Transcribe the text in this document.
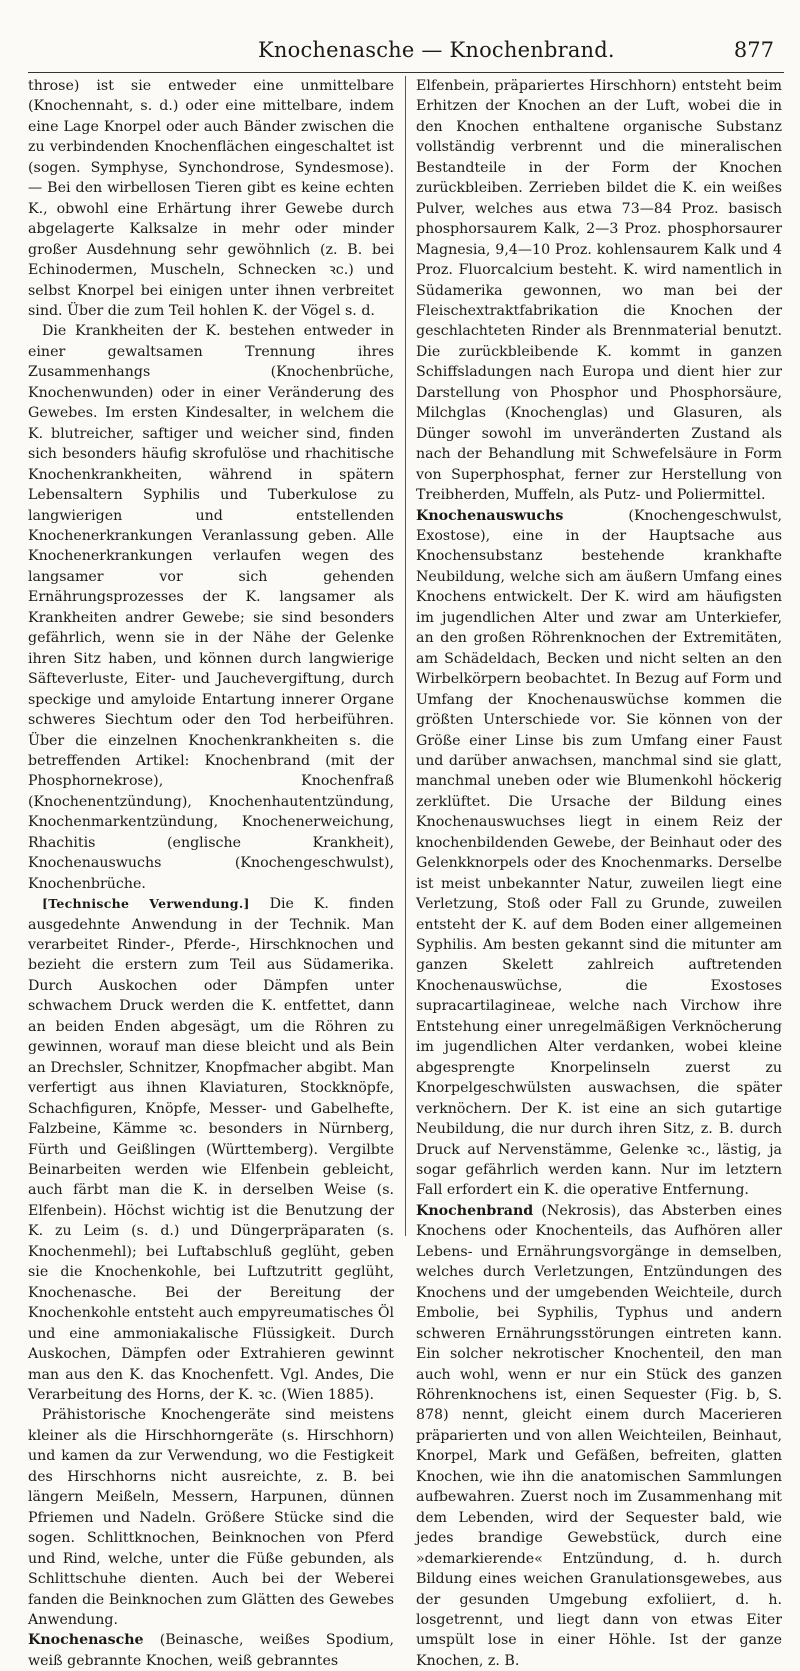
Knochenasche — Knochenbrand.	877

throse) ist sie entweder eine unmittelbare (Knochennaht, s. d.) oder eine mittelbare, indem eine Lage Knorpel oder auch Bänder zwischen die zu verbindenden Knochenflächen eingeschaltet ist (sogen. Symphyse, Synchondrose, Syndesmose). — Bei den wirbellosen Tieren gibt es keine echten K., obwohl eine Erhärtung ihrer Gewebe durch abgelagerte Kalksalze in mehr oder minder großer Ausdehnung sehr gewöhnlich (z. B. bei Echinodermen, Muscheln, Schnecken ꝛc.) und selbst Knorpel bei einigen unter ihnen verbreitet sind. Über die zum Teil hohlen K. der Vögel s. d.

Die Krankheiten der K. bestehen entweder in einer gewaltsamen Trennung ihres Zusammenhangs (Knochenbrüche, Knochenwunden) oder in einer Veränderung des Gewebes. Im ersten Kindesalter, in welchem die K. blutreicher, saftiger und weicher sind, finden sich besonders häufig skrofulöse und rhachitische Knochenkrankheiten, während in spätern Lebensaltern Syphilis und Tuberkulose zu langwierigen und entstellenden Knochenerkrankungen Veranlassung geben. Alle Knochenerkrankungen verlaufen wegen des langsamer vor sich gehenden Ernährungsprozesses der K. langsamer als Krankheiten andrer Gewebe; sie sind besonders gefährlich, wenn sie in der Nähe der Gelenke ihren Sitz haben, und können durch langwierige Säfteverluste, Eiter- und Jauchevergiftung, durch speckige und amyloide Entartung innerer Organe schweres Siechtum oder den Tod herbeiführen. Über die einzelnen Knochenkrankheiten s. die betreffenden Artikel: Knochenbrand (mit der Phosphornekrose), Knochenfraß (Knochenentzündung), Knochenhautentzündung, Knochenmarkentzündung, Knochenerweichung, Rhachitis (englische Krankheit), Knochenauswuchs (Knochengeschwulst), Knochenbrüche.

[Technische Verwendung.] Die K. finden ausgedehnte Anwendung in der Technik. Man verarbeitet Rinder-, Pferde-, Hirschknochen und bezieht die erstern zum Teil aus Südamerika. Durch Auskochen oder Dämpfen unter schwachem Druck werden die K. entfettet, dann an beiden Enden abgesägt, um die Röhren zu gewinnen, worauf man diese bleicht und als Bein an Drechsler, Schnitzer, Knopfmacher abgibt. Man verfertigt aus ihnen Klaviaturen, Stockknöpfe, Schachfiguren, Knöpfe, Messer- und Gabelhefte, Falzbeine, Kämme ꝛc. besonders in Nürnberg, Fürth und Geißlingen (Württemberg). Vergilbte Beinarbeiten werden wie Elfenbein gebleicht, auch färbt man die K. in derselben Weise (s. Elfenbein). Höchst wichtig ist die Benutzung der K. zu Leim (s. d.) und Düngerpräparaten (s. Knochenmehl); bei Luftabschluß geglüht, geben sie die Knochenkohle, bei Luftzutritt geglüht, Knochenasche. Bei der Bereitung der Knochenkohle entsteht auch empyreumatisches Öl und eine ammoniakalische Flüssigkeit. Durch Auskochen, Dämpfen oder Extrahieren gewinnt man aus den K. das Knochenfett. Vgl. Andes, Die Verarbeitung des Horns, der K. ꝛc. (Wien 1885).

Prähistorische Knochengeräte sind meistens kleiner als die Hirschhorngeräte (s. Hirschhorn) und kamen da zur Verwendung, wo die Festigkeit des Hirschhorns nicht ausreichte, z. B. bei längern Meißeln, Messern, Harpunen, dünnen Pfriemen und Nadeln. Größere Stücke sind die sogen. Schlittknochen, Beinknochen von Pferd und Rind, welche, unter die Füße gebunden, als Schlittschuhe dienten. Auch bei der Weberei fanden die Beinknochen zum Glätten des Gewebes Anwendung.

Knochenasche (Beinasche, weißes Spodium, weiß gebrannte Knochen, weiß gebranntes

Elfenbein, präpariertes Hirschhorn) entsteht beim Erhitzen der Knochen an der Luft, wobei die in den Knochen enthaltene organische Substanz vollständig verbrennt und die mineralischen Bestandteile in der Form der Knochen zurückbleiben. Zerrieben bildet die K. ein weißes Pulver, welches aus etwa 73—84 Proz. basisch phosphorsaurem Kalk, 2—3 Proz. phosphorsaurer Magnesia, 9,4—10 Proz. kohlensaurem Kalk und 4 Proz. Fluorcalcium besteht. K. wird namentlich in Südamerika gewonnen, wo man bei der Fleischextraktfabrikation die Knochen der geschlachteten Rinder als Brennmaterial benutzt. Die zurückbleibende K. kommt in ganzen Schiffsladungen nach Europa und dient hier zur Darstellung von Phosphor und Phosphorsäure, Milchglas (Knochenglas) und Glasuren, als Dünger sowohl im unveränderten Zustand als nach der Behandlung mit Schwefelsäure in Form von Superphosphat, ferner zur Herstellung von Treibherden, Muffeln, als Putz- und Poliermittel.

Knochenauswuchs (Knochengeschwulst, Exostose), eine in der Hauptsache aus Knochensubstanz bestehende krankhafte Neubildung, welche sich am äußern Umfang eines Knochens entwickelt. Der K. wird am häufigsten im jugendlichen Alter und zwar am Unterkiefer, an den großen Röhrenknochen der Extremitäten, am Schädeldach, Becken und nicht selten an den Wirbelkörpern beobachtet. In Bezug auf Form und Umfang der Knochenauswüchse kommen die größten Unterschiede vor. Sie können von der Größe einer Linse bis zum Umfang einer Faust und darüber anwachsen, manchmal sind sie glatt, manchmal uneben oder wie Blumenkohl höckerig zerklüftet. Die Ursache der Bildung eines Knochenauswuchses liegt in einem Reiz der knochenbildenden Gewebe, der Beinhaut oder des Gelenkknorpels oder des Knochenmarks. Derselbe ist meist unbekannter Natur, zuweilen liegt eine Verletzung, Stoß oder Fall zu Grunde, zuweilen entsteht der K. auf dem Boden einer allgemeinen Syphilis. Am besten gekannt sind die mitunter am ganzen Skelett zahlreich auftretenden Knochenauswüchse, die Exostoses supracartilagineae, welche nach Virchow ihre Entstehung einer unregelmäßigen Verknöcherung im jugendlichen Alter verdanken, wobei kleine abgesprengte Knorpelinseln zuerst zu Knorpelgeschwülsten auswachsen, die später verknöchern. Der K. ist eine an sich gutartige Neubildung, die nur durch ihren Sitz, z. B. durch Druck auf Nervenstämme, Gelenke ꝛc., lästig, ja sogar gefährlich werden kann. Nur im letztern Fall erfordert ein K. die operative Entfernung.

Knochenbrand (Nekrosis), das Absterben eines Knochens oder Knochenteils, das Aufhören aller Lebens- und Ernährungsvorgänge in demselben, welches durch Verletzungen, Entzündungen des Knochens und der umgebenden Weichteile, durch Embolie, bei Syphilis, Typhus und andern schweren Ernährungsstörungen eintreten kann. Ein solcher nekrotischer Knochenteil, den man auch wohl, wenn er nur ein Stück des ganzen Röhrenknochens ist, einen Sequester (Fig. b, S. 878) nennt, gleicht einem durch Macerieren präparierten und von allen Weichteilen, Beinhaut, Knorpel, Mark und Gefäßen, befreiten, glatten Knochen, wie ihn die anatomischen Sammlungen aufbewahren. Zuerst noch im Zusammenhang mit dem Lebenden, wird der Sequester bald, wie jedes brandige Gewebstück, durch eine »demarkierende« Entzündung, d. h. durch Bildung eines weichen Granulationsgewebes, aus der gesunden Umgebung exfoliiert, d. h. losgetrennt, und liegt dann von etwas Eiter umspült lose in einer Höhle. Ist der ganze Knochen, z. B.
